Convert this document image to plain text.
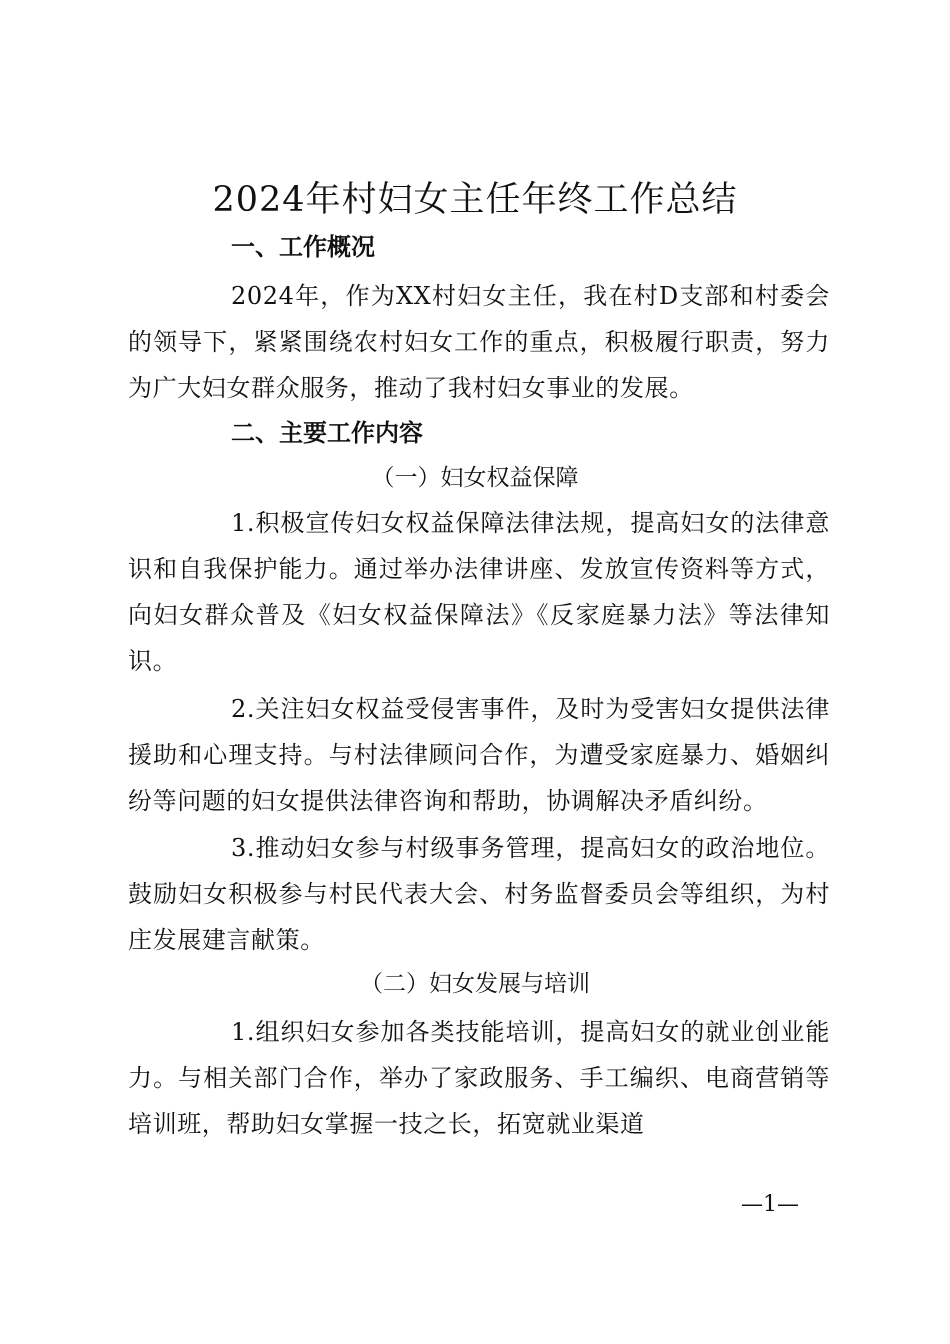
2024年村妇女主任年终工作总结
一、工作概况

2024年，作为XX村妇女主任，我在村D支部和村委会的领导下，紧紧围绕农村妇女工作的重点，积极履行职责，努力为广大妇女群众服务，推动了我村妇女事业的发展。

二、主要工作内容
（一）妇女权益保障

1.积极宣传妇女权益保障法律法规，提高妇女的法律意识和自我保护能力。通过举办法律讲座、发放宣传资料等方式，向妇女群众普及《妇女权益保障法》《反家庭暴力法》等法律知识。

2.关注妇女权益受侵害事件，及时为受害妇女提供法律援助和心理支持。与村法律顾问合作，为遭受家庭暴力、婚姻纠纷等问题的妇女提供法律咨询和帮助，协调解决矛盾纠纷。

3.推动妇女参与村级事务管理，提高妇女的政治地位。鼓励妇女积极参与村民代表大会、村务监督委员会等组织，为村庄发展建言献策。

（二）妇女发展与培训

1.组织妇女参加各类技能培训，提高妇女的就业创业能力。与相关部门合作，举办了家政服务、手工编织、电商营销等培训班，帮助妇女掌握一技之长，拓宽就业渠道

—1—
